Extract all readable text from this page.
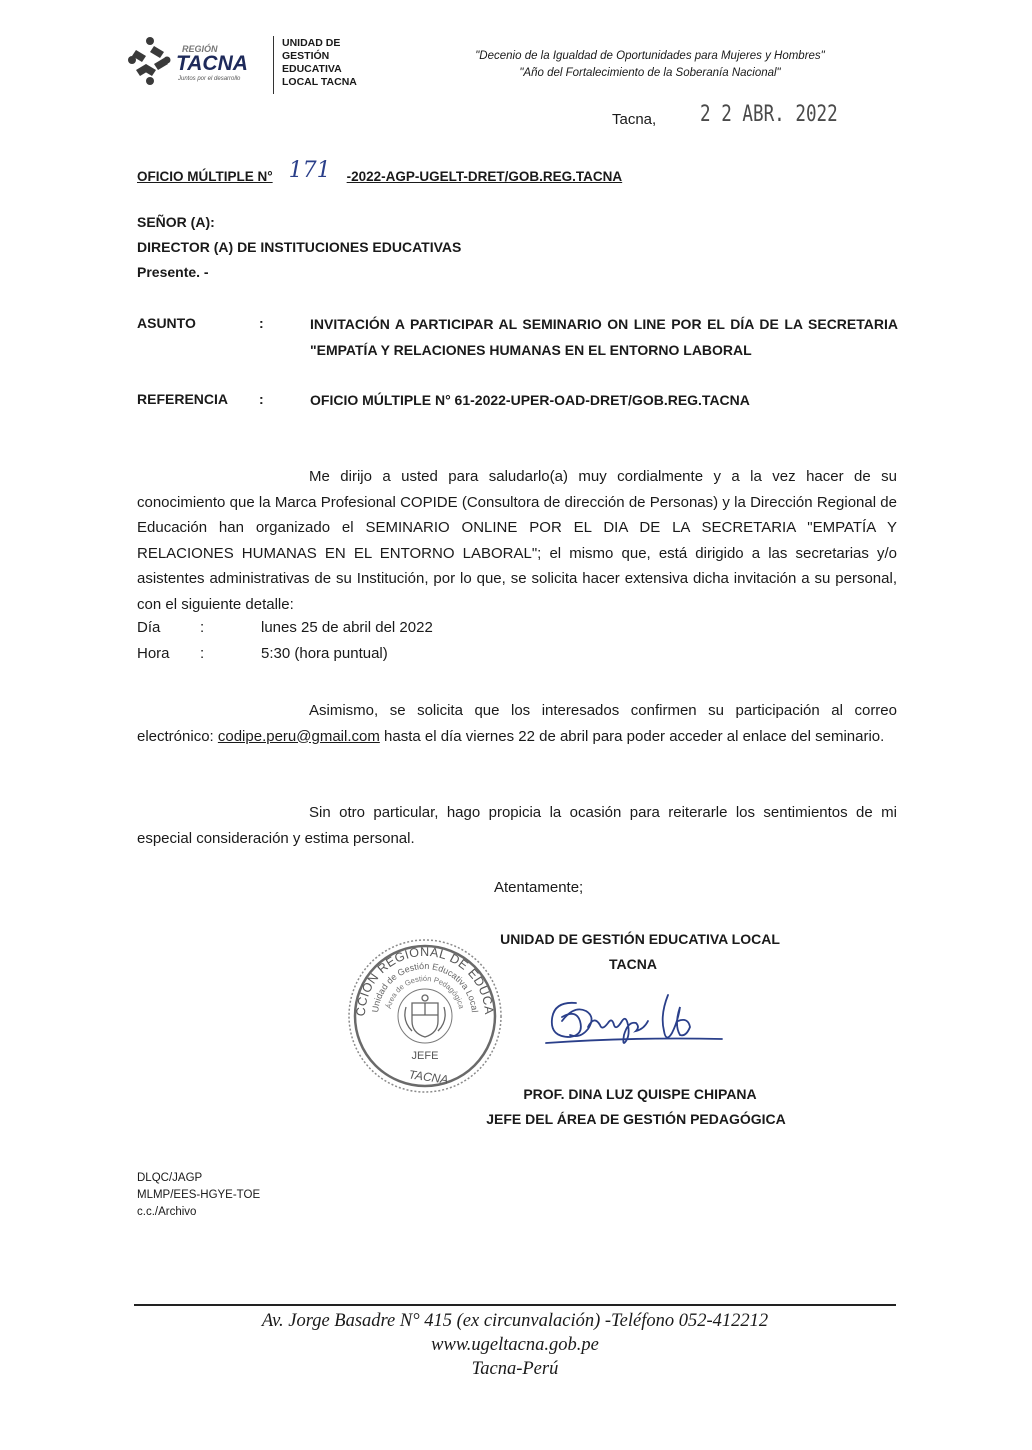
REGIÓN
TACNA
Juntos por el desarrollo
UNIDAD DE
GESTIÓN
EDUCATIVA
LOCAL TACNA
"Decenio de la Igualdad de Oportunidades para Mujeres y Hombres"
"Año del Fortalecimiento de la Soberanía Nacional"
Tacna, 2 2 ABR. 2022
OFICIO MÚLTIPLE N° 171 -2022-AGP-UGELT-DRET/GOB.REG.TACNA
SEÑOR (A):
DIRECTOR (A) DE INSTITUCIONES EDUCATIVAS
Presente. -
ASUNTO	:	INVITACIÓN A PARTICIPAR AL SEMINARIO ON LINE POR EL DÍA DE LA SECRETARIA "EMPATÍA Y RELACIONES HUMANAS EN EL ENTORNO LABORAL
REFERENCIA :	OFICIO MÚLTIPLE N° 61-2022-UPER-OAD-DRET/GOB.REG.TACNA
Me dirijo a usted para saludarlo(a) muy cordialmente y a la vez hacer de su conocimiento que la Marca Profesional COPIDE (Consultora de dirección de Personas) y la Dirección Regional de Educación han organizado el SEMINARIO ONLINE POR EL DIA DE LA SECRETARIA "EMPATÍA Y RELACIONES HUMANAS EN EL ENTORNO LABORAL"; el mismo que, está dirigido a las secretarias y/o asistentes administrativas de su Institución, por lo que, se solicita hacer extensiva dicha invitación a su personal, con el siguiente detalle:
Día	:	lunes 25 de abril del 2022
Hora :	5:30 (hora puntual)
Asimismo, se solicita que los interesados confirmen su participación al correo electrónico: codipe.peru@gmail.com hasta el día viernes 22 de abril para poder acceder al enlace del seminario.
Sin otro particular, hago propicia la ocasión para reiterarle los sentimientos de mi especial consideración y estima personal.
Atentamente;
UNIDAD DE GESTIÓN EDUCATIVA LOCAL
TACNA
CCIÓN REGIONAL DE EDUCA
Unidad de Gestión Educativa Local
Área de Gestión Pedagógica
JEFE
TACNA
PROF. DINA LUZ QUISPE CHIPANA
JEFE DEL ÁREA DE GESTIÓN PEDAGÓGICA
DLQC/JAGP
MLMP/EES-HGYE-TOE
c.c./Archivo
Av. Jorge Basadre N° 415 (ex circunvalación) -Teléfono 052-412212
www.ugeltacna.gob.pe
Tacna-Perú
